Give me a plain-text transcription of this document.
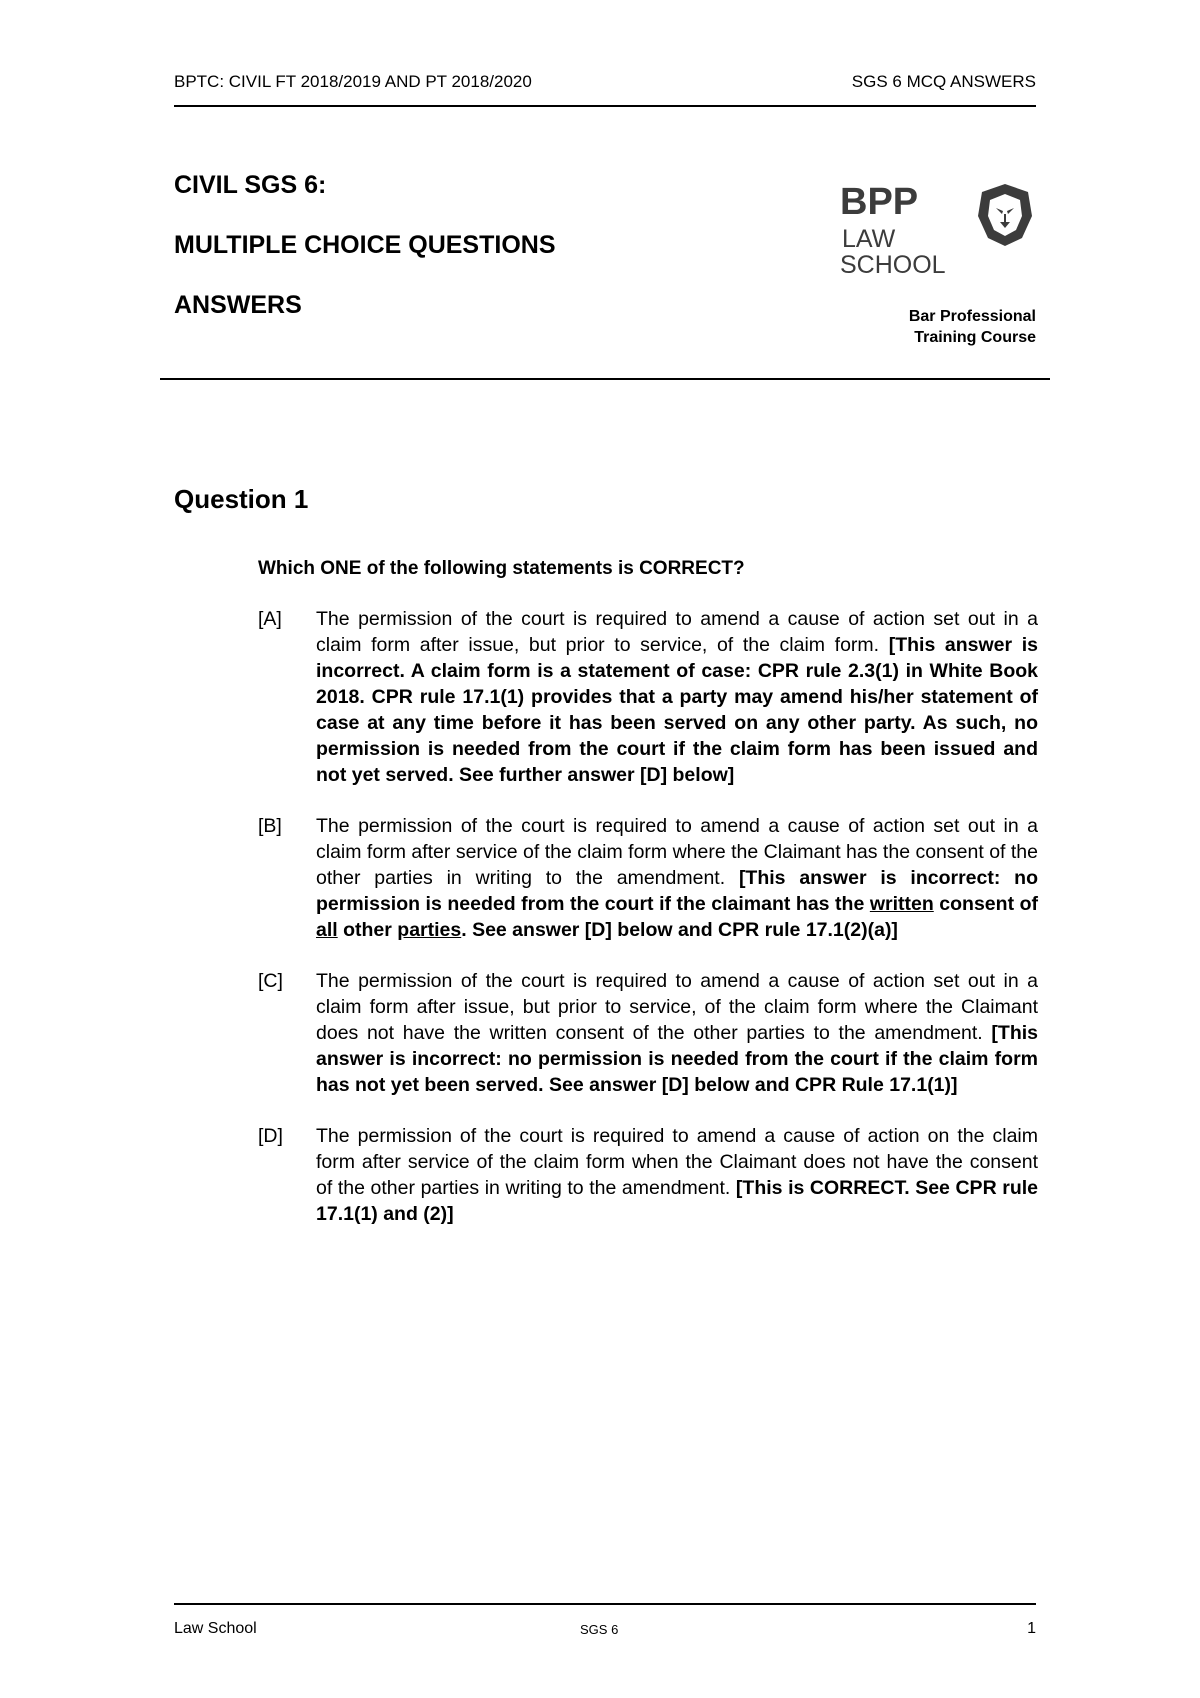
BPTC: CIVIL FT 2018/2019 AND PT 2018/2020	SGS 6 MCQ ANSWERS
CIVIL SGS 6:
MULTIPLE CHOICE QUESTIONS
ANSWERS
BPP
LAW
SCHOOL
Bar Professional
Training Course
Question 1
Which ONE of the following statements is CORRECT?
[A]	The permission of the court is required to amend a cause of action set out in a claim form after issue, but prior to service, of the claim form. [This answer is incorrect. A claim form is a statement of case: CPR rule 2.3(1) in White Book 2018. CPR rule 17.1(1) provides that a party may amend his/her statement of case at any time before it has been served on any other party. As such, no permission is needed from the court if the claim form has been issued and not yet served. See further answer [D] below]
[B]	The permission of the court is required to amend a cause of action set out in a claim form after service of the claim form where the Claimant has the consent of the other parties in writing to the amendment. [This answer is incorrect: no permission is needed from the court if the claimant has the written consent of all other parties. See answer [D] below and CPR rule 17.1(2)(a)]
[C]	The permission of the court is required to amend a cause of action set out in a claim form after issue, but prior to service, of the claim form where the Claimant does not have the written consent of the other parties to the amendment. [This answer is incorrect: no permission is needed from the court if the claim form has not yet been served. See answer [D] below and CPR Rule 17.1(1)]
[D]	The permission of the court is required to amend a cause of action on the claim form after service of the claim form when the Claimant does not have the consent of the other parties in writing to the amendment. [This is CORRECT. See CPR rule 17.1(1) and (2)]
Law School	SGS 6	1
